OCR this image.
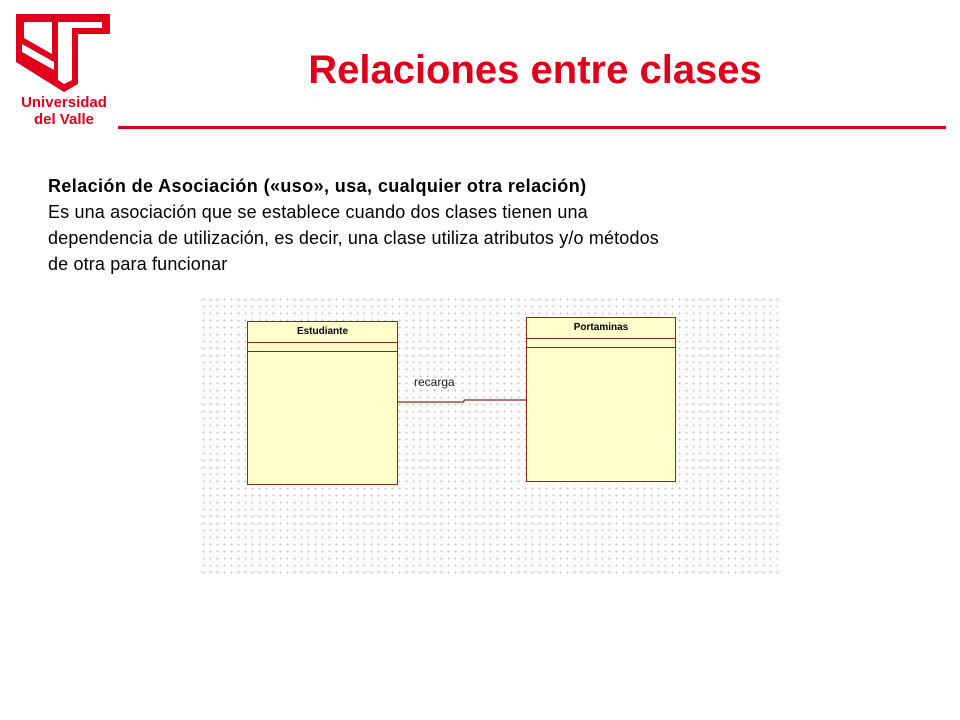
Universidad
del Valle
Relaciones entre clases
Relación de Asociación («uso», usa, cualquier otra relación)
Es una asociación que se establece cuando dos clases tienen una
dependencia de utilización, es decir, una clase utiliza atributos y/o métodos
de otra para funcionar
Estudiante	Portaminas
recarga
